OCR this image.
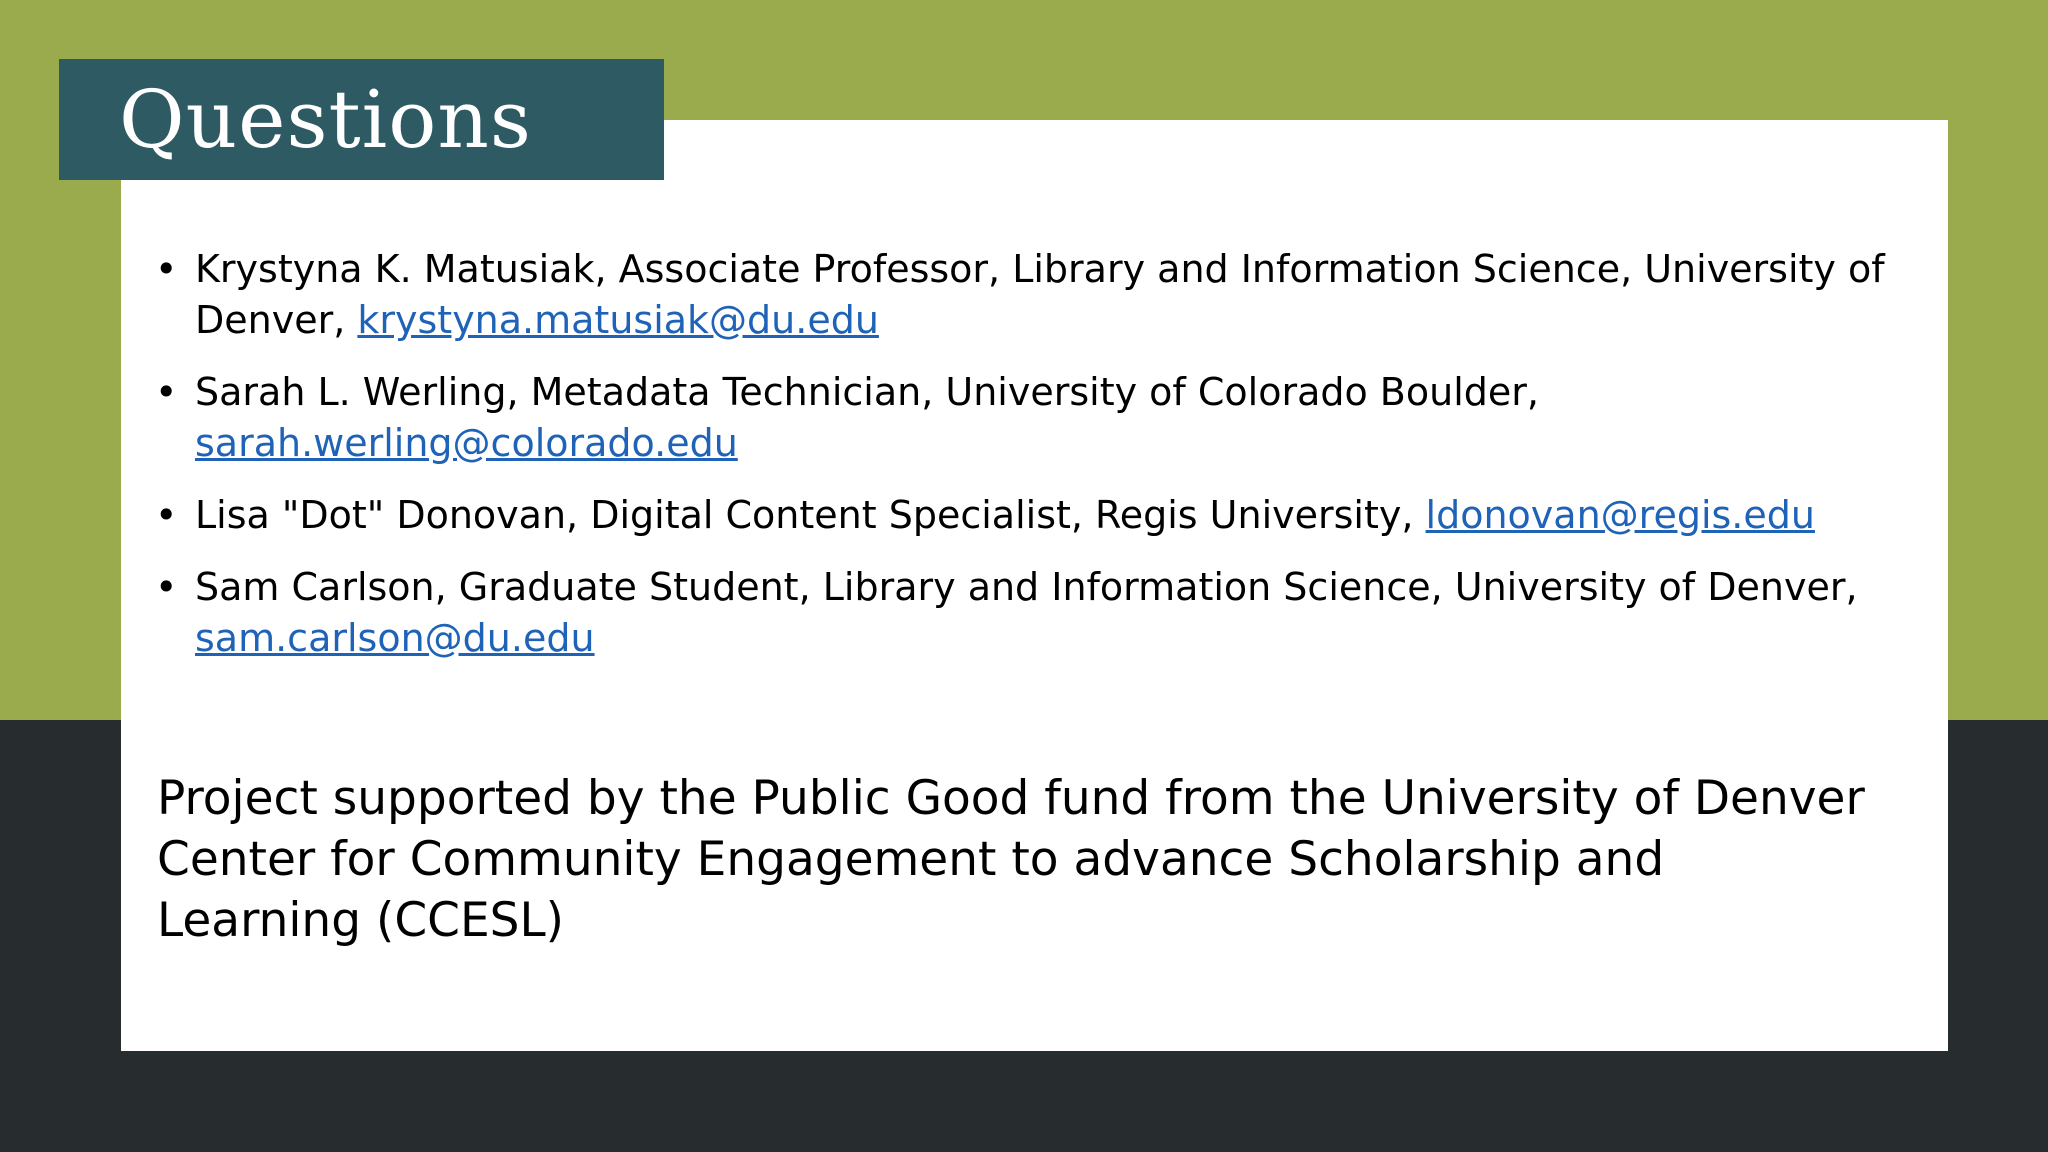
Questions
• Krystyna K. Matusiak, Associate Professor, Library and Information Science, University of Denver, krystyna.matusiak@du.edu
• Sarah L. Werling, Metadata Technician, University of Colorado Boulder,
sarah.werling@colorado.edu
• Lisa "Dot" Donovan, Digital Content Specialist, Regis University, ldonovan@regis.edu
• Sam Carlson, Graduate Student, Library and Information Science, University of Denver,
sam.carlson@du.edu

Project supported by the Public Good fund from the University of Denver Center for Community Engagement to advance Scholarship and Learning (CCESL)
